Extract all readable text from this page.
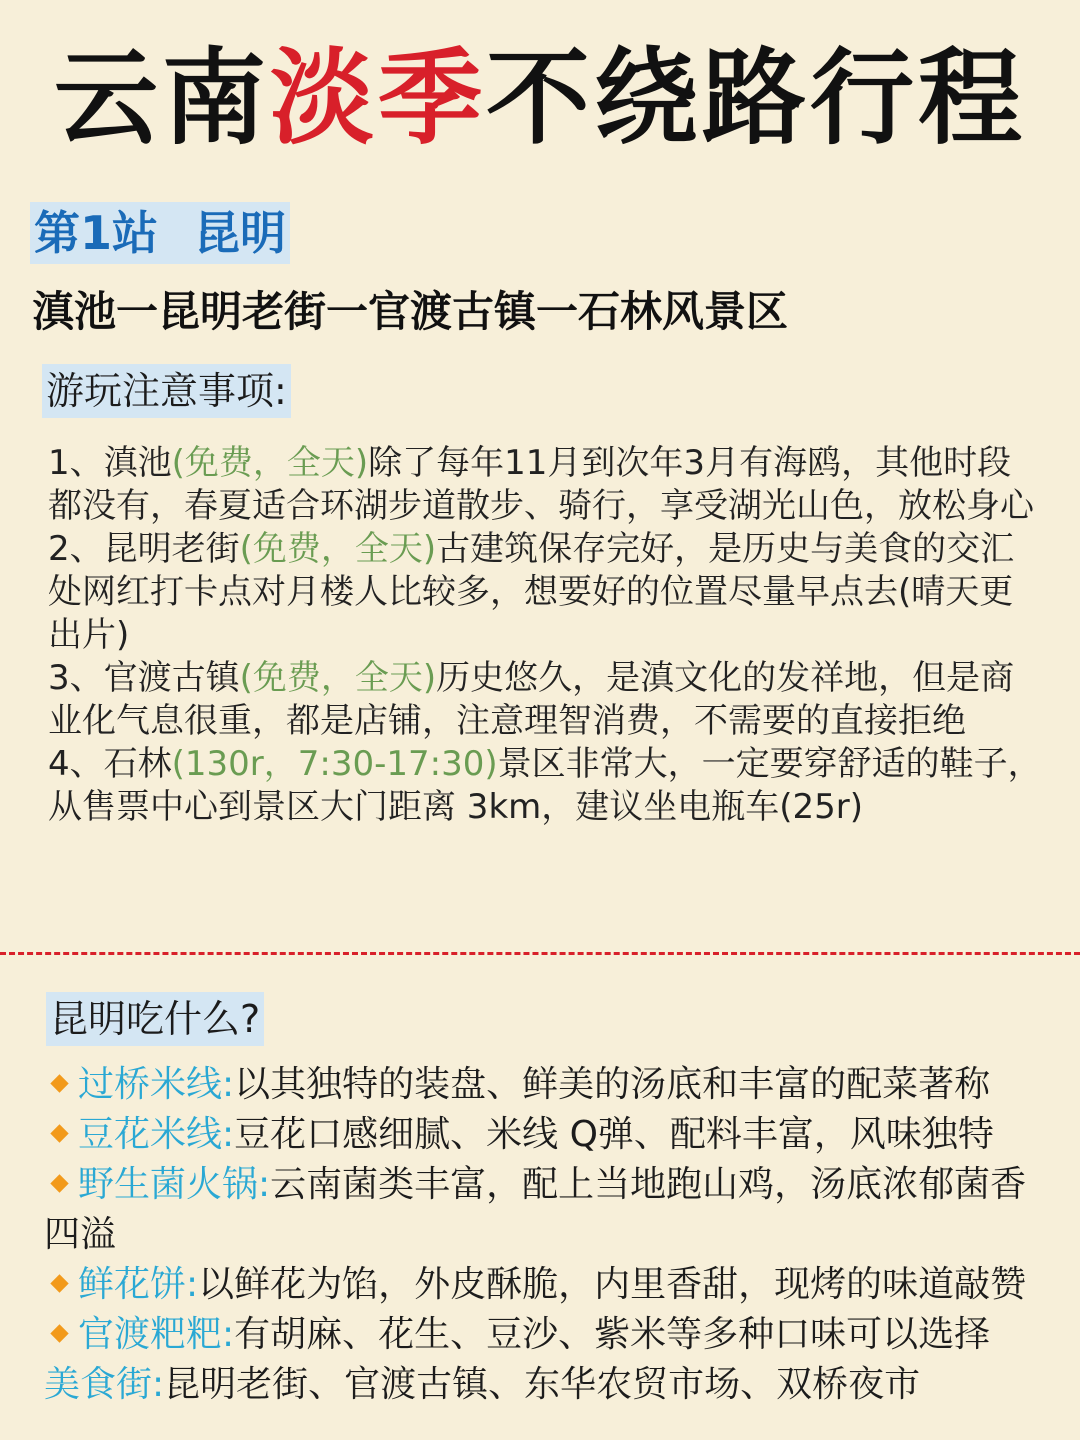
云南淡季不绕路行程
第1站 昆明
滇池一昆明老街一官渡古镇一石林风景区
游玩注意事项:

1、滇池(免费，全天)除了每年11月到次年3月有海鸥，其他时段都没有，春夏适合环湖步道散步、骑行，享受湖光山色，放松身心

2、昆明老街(免费，全天)古建筑保存完好，是历史与美食的交汇处网红打卡点对月楼人比较多，想要好的位置尽量早点去(晴天更出片)

3、官渡古镇(免费，全天)历史悠久，是滇文化的发祥地，但是商业化气息很重，都是店铺，注意理智消费，不需要的直接拒绝

4、石林(130r，7:30-17:30)景区非常大，一定要穿舒适的鞋子，从售票中心到景区大门距离 3km，建议坐电瓶车(25r)

昆明吃什么?

过桥米线:以其独特的装盘、鲜美的汤底和丰富的配菜著称

豆花米线:豆花口感细腻、米线 Q弹、配料丰富，风味独特

野生菌火锅:云南菌类丰富，配上当地跑山鸡，汤底浓郁菌香四溢

鲜花饼:以鲜花为馅，外皮酥脆，内里香甜，现烤的味道敲赞

官渡粑粑:有胡麻、花生、豆沙、紫米等多种口味可以选择

美食街:昆明老街、官渡古镇、东华农贸市场、双桥夜市
